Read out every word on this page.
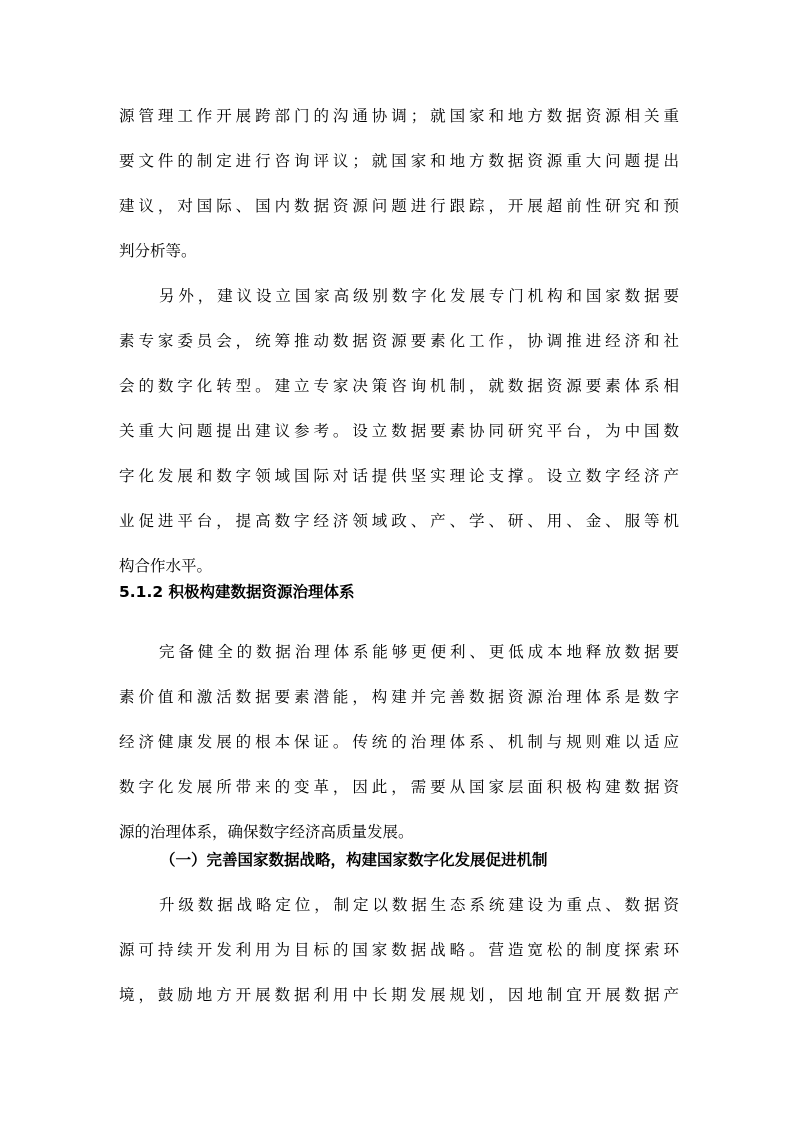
源管理工作开展跨部门的沟通协调；就国家和地方数据资源相关重
要文件的制定进行咨询评议；就国家和地方数据资源重大问题提出
建议，对国际、国内数据资源问题进行跟踪，开展超前性研究和预
判分析等。
另外，建议设立国家高级别数字化发展专门机构和国家数据要
素专家委员会，统筹推动数据资源要素化工作，协调推进经济和社
会的数字化转型。建立专家决策咨询机制，就数据资源要素体系相
关重大问题提出建议参考。设立数据要素协同研究平台，为中国数
字化发展和数字领域国际对话提供坚实理论支撑。设立数字经济产
业促进平台，提高数字经济领域政、产、学、研、用、金、服等机
构合作水平。
5.1.2 积极构建数据资源治理体系
完备健全的数据治理体系能够更便利、更低成本地释放数据要
素价值和激活数据要素潜能，构建并完善数据资源治理体系是数字
经济健康发展的根本保证。传统的治理体系、机制与规则难以适应
数字化发展所带来的变革，因此，需要从国家层面积极构建数据资
源的治理体系，确保数字经济高质量发展。
（一）完善国家数据战略，构建国家数字化发展促进机制
升级数据战略定位，制定以数据生态系统建设为重点、数据资
源可持续开发利用为目标的国家数据战略。营造宽松的制度探索环
境，鼓励地方开展数据利用中长期发展规划，因地制宜开展数据产
